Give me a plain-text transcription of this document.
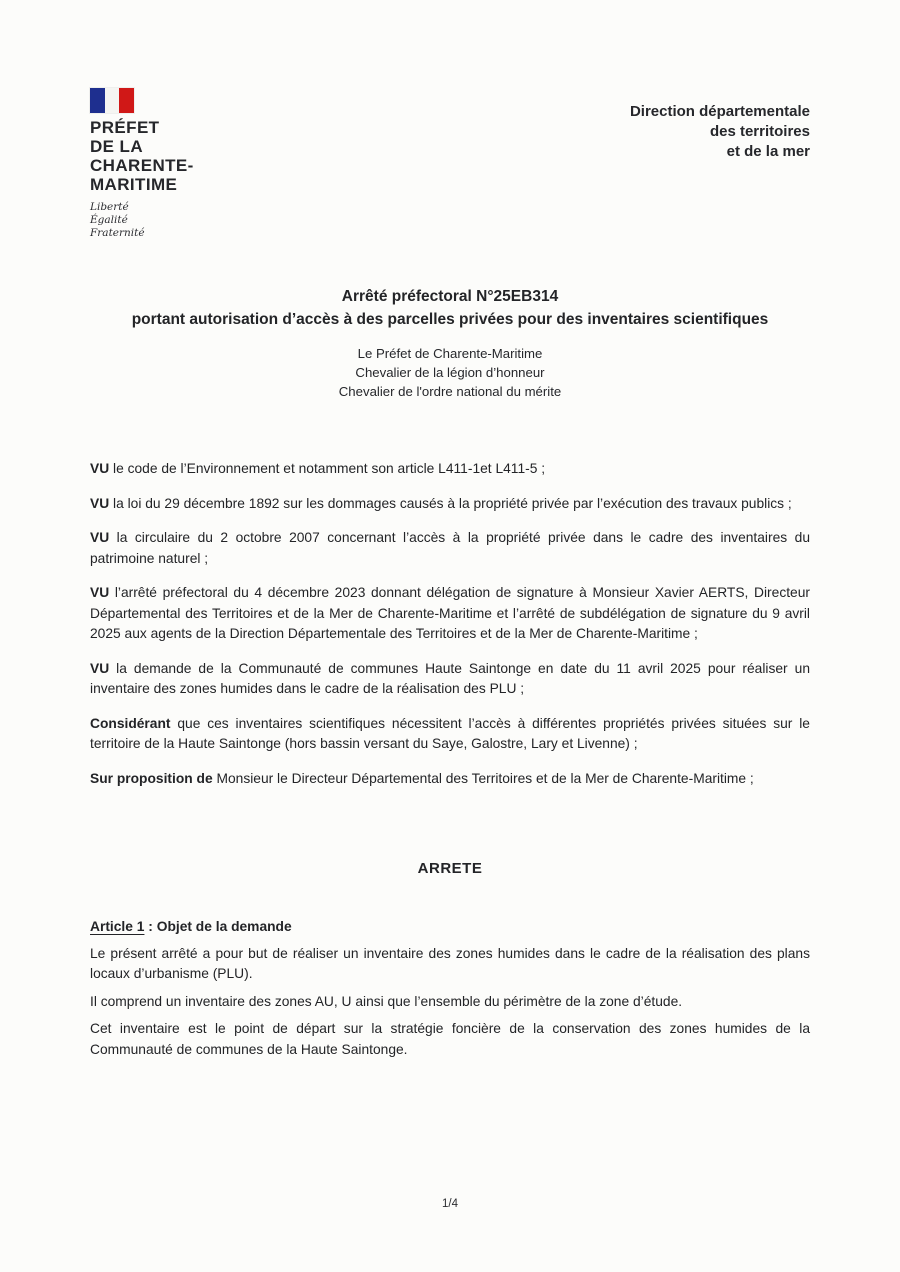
PRÉFET
DE LA
CHARENTE-
MARITIME
Liberté
Égalité
Fraternité
Direction départementale
des territoires
et de la mer
Arrêté préfectoral N°25EB314
portant autorisation d’accès à des parcelles privées pour des inventaires scientifiques
Le Préfet de Charente-Maritime
Chevalier de la légion d’honneur
Chevalier de l'ordre national du mérite

VU le code de l’Environnement et notamment son article L411-1et L411-5 ;

VU la loi du 29 décembre 1892 sur les dommages causés à la propriété privée par l’exécution des travaux publics ;

VU la circulaire du 2 octobre 2007 concernant l’accès à la propriété privée dans le cadre des inventaires du patrimoine naturel ;

VU l’arrêté préfectoral du 4 décembre 2023 donnant délégation de signature à Monsieur Xavier AERTS, Directeur Départemental des Territoires et de la Mer de Charente-Maritime et l’arrêté de subdélégation de signature du 9 avril 2025 aux agents de la Direction Départementale des Territoires et de la Mer de Charente-Maritime ;

VU la demande de la Communauté de communes Haute Saintonge en date du 11 avril 2025 pour réaliser un inventaire des zones humides dans le cadre de la réalisation des PLU ;

Considérant que ces inventaires scientifiques nécessitent l’accès à différentes propriétés privées situées sur le territoire de la Haute Saintonge (hors bassin versant du Saye, Galostre, Lary et Livenne) ;

Sur proposition de Monsieur le Directeur Départemental des Territoires et de la Mer de Charente-Maritime ;

ARRETE
Article 1 : Objet de la demande

Le présent arrêté a pour but de réaliser un inventaire des zones humides dans le cadre de la réalisation des plans locaux d’urbanisme (PLU).

Il comprend un inventaire des zones AU, U ainsi que l’ensemble du périmètre de la zone d’étude.

Cet inventaire est le point de départ sur la stratégie foncière de la conservation des zones humides de la Communauté de communes de la Haute Saintonge.

1/4
